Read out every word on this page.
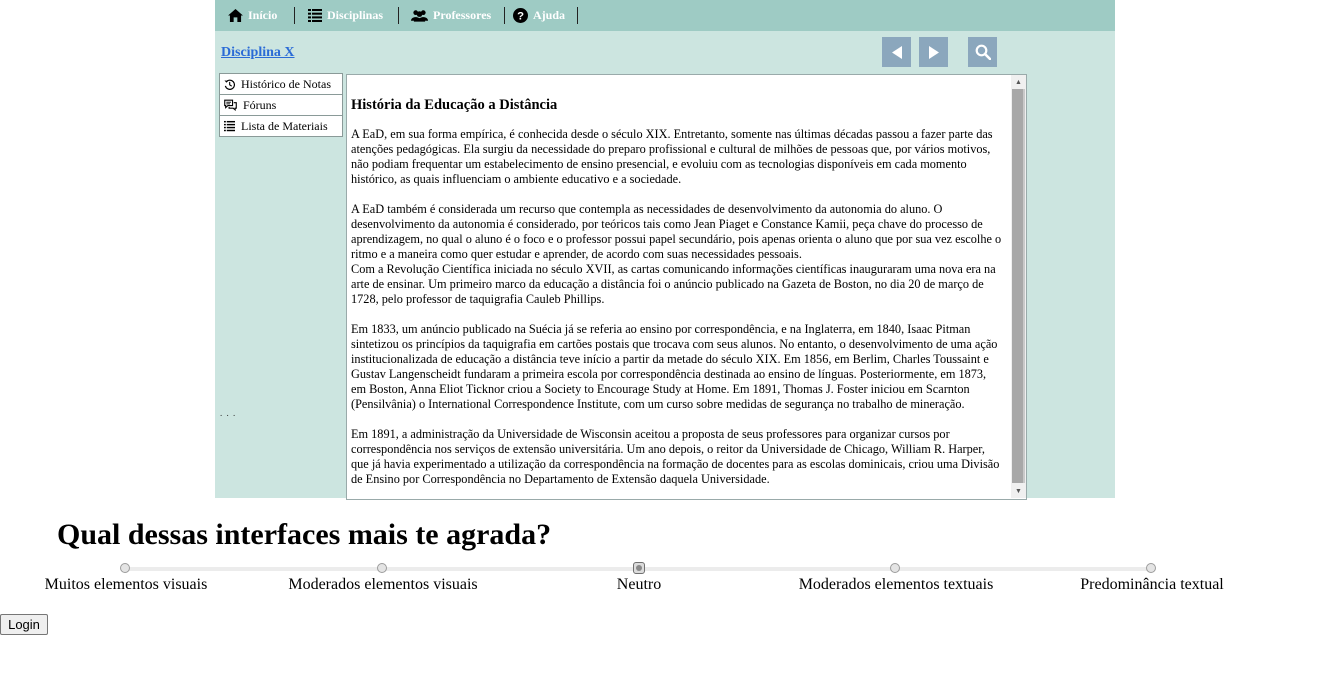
Início	Disciplinas	Professores ? Ajuda
Disciplina X
Histórico de Notas
Fóruns
Lista de Materiais
. . .
História da Educação a Distância

A EaD, em sua forma empírica, é conhecida desde o século XIX. Entretanto, somente nas últimas décadas passou a fazer parte das atenções pedagógicas. Ela surgiu da necessidade do preparo profissional e cultural de milhões de pessoas que, por vários motivos, não podiam frequentar um estabelecimento de ensino presencial, e evoluiu com as tecnologias disponíveis em cada momento histórico, as quais influenciam o ambiente educativo e a sociedade.

A EaD também é considerada um recurso que contempla as necessidades de desenvolvimento da autonomia do aluno. O desenvolvimento da autonomia é considerado, por teóricos tais como Jean Piaget e Constance Kamii, peça chave do processo de aprendizagem, no qual o aluno é o foco e o professor possui papel secundário, pois apenas orienta o aluno que por sua vez escolhe o ritmo e a maneira como quer estudar e aprender, de acordo com suas necessidades pessoais.

Com a Revolução Científica iniciada no século XVII, as cartas comunicando informações científicas inauguraram uma nova era na arte de ensinar. Um primeiro marco da educação a distância foi o anúncio publicado na Gazeta de Boston, no dia 20 de março de 1728, pelo professor de taquigrafia Cauleb Phillips.

Em 1833, um anúncio publicado na Suécia já se referia ao ensino por correspondência, e na Inglaterra, em 1840, Isaac Pitman sintetizou os princípios da taquigrafia em cartões postais que trocava com seus alunos. No entanto, o desenvolvimento de uma ação institucionalizada de educação a distância teve início a partir da metade do século XIX. Em 1856, em Berlim, Charles Toussaint e Gustav Langenscheidt fundaram a primeira escola por correspondência destinada ao ensino de línguas. Posteriormente, em 1873, em Boston, Anna Eliot Ticknor criou a Society to Encourage Study at Home. Em 1891, Thomas J. Foster iniciou em Scarnton (Pensilvânia) o International Correspondence Institute, com um curso sobre medidas de segurança no trabalho de mineração.

Em 1891, a administração da Universidade de Wisconsin aceitou a proposta de seus professores para organizar cursos por correspondência nos serviços de extensão universitária. Um ano depois, o reitor da Universidade de Chicago, William R. Harper, que já havia experimentado a utilização da correspondência na formação de docentes para as escolas dominicais, criou uma Divisão de Ensino por Correspondência no Departamento de Extensão daquela Universidade.

▲
▼
Qual dessas interfaces mais te agrada?
Muitos elementos visuais	Moderados elementos visuais	Neutro	Moderados elementos textuais	Predominância textual
Login
